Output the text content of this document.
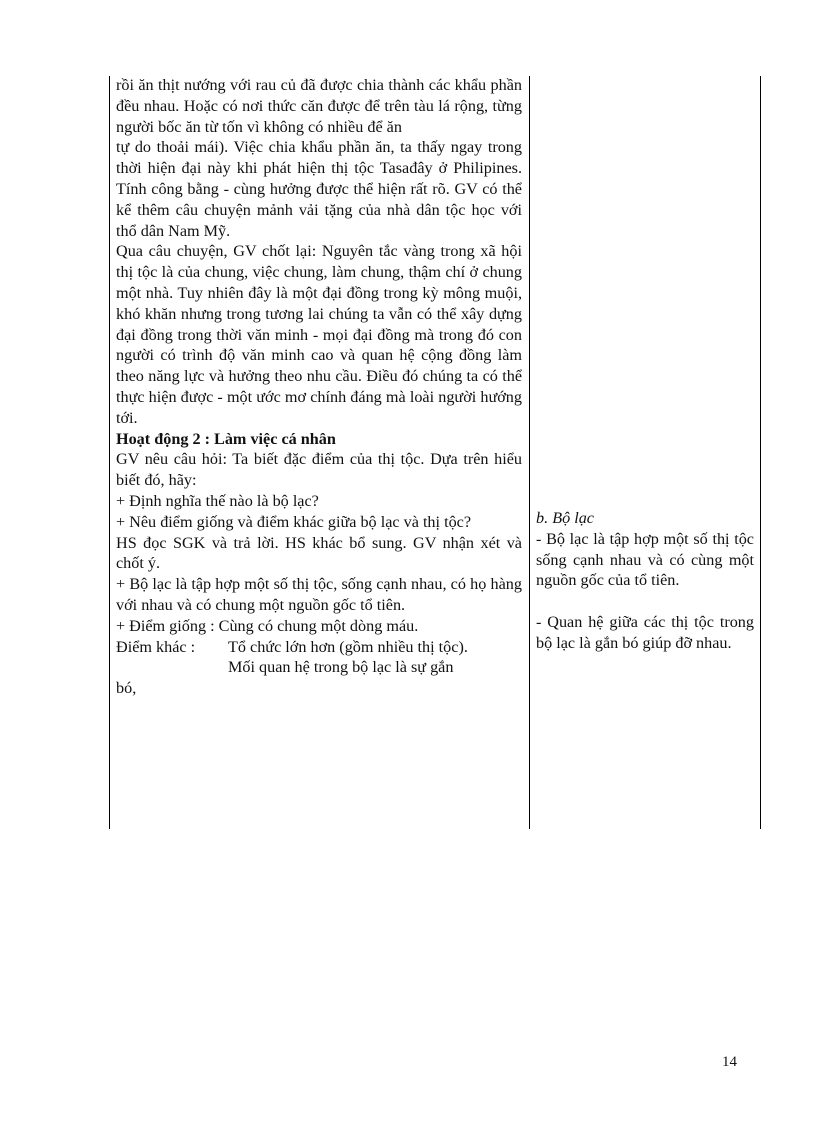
rồi ăn thịt nướng với rau củ đã được chia thành các khẩu phần đều nhau. Hoặc có nơi thức căn được để trên tàu lá rộng, từng người bốc ăn từ tốn vì không có nhiều để ăn

tự do thoải mái). Việc chia khẩu phần ăn, ta thấy ngay trong thời hiện đại này khi phát hiện thị tộc Tasađây ở Philipines. Tính công bằng - cùng hưởng được thể hiện rất rõ. GV có thể kể thêm câu chuyện mảnh vải tặng của nhà dân tộc học với thổ dân Nam Mỹ.

Qua câu chuyện, GV chốt lại: Nguyên tắc vàng trong xã hội thị tộc là của chung, việc chung, làm chung, thậm chí ở chung một nhà. Tuy nhiên đây là một đại đồng trong kỳ mông muội, khó khăn nhưng trong tương lai chúng ta vẫn có thể xây dựng đại đồng trong thời văn minh - mọi đại đồng mà trong đó con người có trình độ văn minh cao và quan hệ cộng đồng làm theo năng lực và hưởng theo nhu cầu. Điều đó chúng ta có thể thực hiện được - một ước mơ chính đáng mà loài người hướng tới.

Hoạt động 2 : Làm việc cá nhân

GV nêu câu hỏi: Ta biết đặc điểm của thị tộc. Dựa trên hiểu biết đó, hãy:

+ Định nghĩa thế nào là bộ lạc?

+ Nêu điểm giống và điểm khác giữa bộ lạc và thị tộc?

HS đọc SGK và trả lời. HS khác bổ sung. GV nhận xét và chốt ý.

+ Bộ lạc là tập hợp một số thị tộc, sống cạnh nhau, có họ hàng với nhau và có chung một nguồn gốc tổ tiên.

+ Điểm giống : Cùng có chung một dòng máu.

Điểm khác :	Tổ chức lớn hơn (gồm nhiều thị tộc).

Mối quan hệ trong bộ lạc là sự gắn

bó,

b. Bộ lạc

- Bộ lạc là tập hợp một số thị tộc sống cạnh nhau và có cùng một nguồn gốc của tổ tiên.

- Quan hệ giữa các thị tộc trong bộ lạc là gắn bó giúp đỡ nhau.

14
